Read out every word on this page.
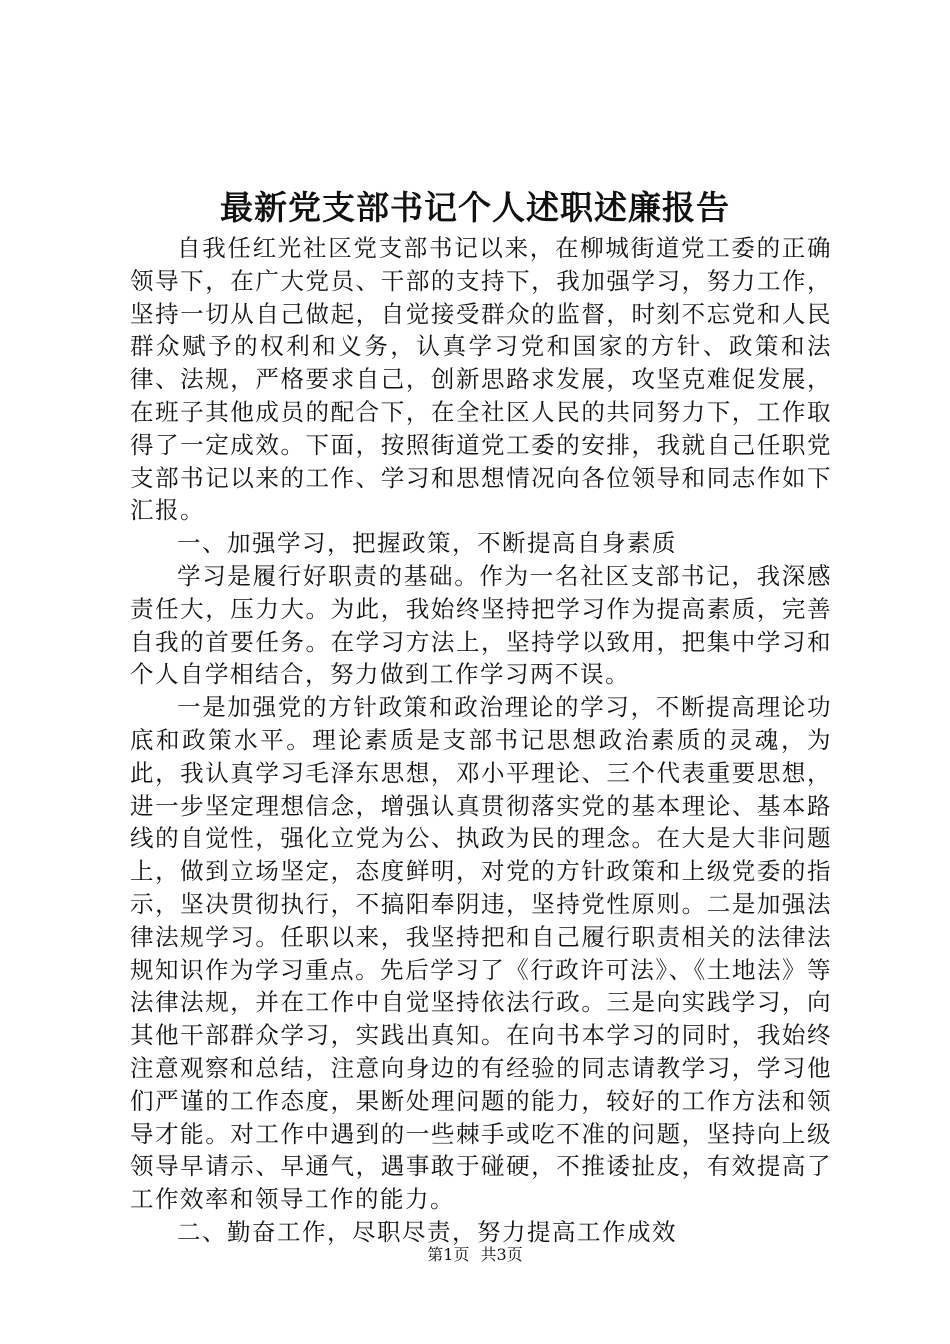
最新党支部书记个人述职述廉报告

自我任红光社区党支部书记以来，在柳城街道党工委的正确领导下，在广大党员、干部的支持下，我加强学习，努力工作，坚持一切从自己做起，自觉接受群众的监督，时刻不忘党和人民群众赋予的权利和义务，认真学习党和国家的方针、政策和法律、法规，严格要求自己，创新思路求发展，攻坚克难促发展，在班子其他成员的配合下，在全社区人民的共同努力下，工作取得了一定成效。下面，按照街道党工委的安排，我就自己任职党支部书记以来的工作、学习和思想情况向各位领导和同志作如下汇报。

一、加强学习，把握政策，不断提高自身素质

学习是履行好职责的基础。作为一名社区支部书记，我深感责任大，压力大。为此，我始终坚持把学习作为提高素质，完善自我的首要任务。在学习方法上，坚持学以致用，把集中学习和个人自学相结合，努力做到工作学习两不误。

一是加强党的方针政策和政治理论的学习，不断提高理论功底和政策水平。理论素质是支部书记思想政治素质的灵魂，为此，我认真学习毛泽东思想，邓小平理论、三个代表重要思想，进一步坚定理想信念，增强认真贯彻落实党的基本理论、基本路线的自觉性，强化立党为公、执政为民的理念。在大是大非问题上，做到立场坚定，态度鲜明，对党的方针政策和上级党委的指示，坚决贯彻执行，不搞阳奉阴违，坚持党性原则。二是加强法律法规学习。任职以来，我坚持把和自己履行职责相关的法律法规知识作为学习重点。先后学习了《行政许可法》、《土地法》等法律法规，并在工作中自觉坚持依法行政。三是向实践学习，向其他干部群众学习，实践出真知。在向书本学习的同时，我始终注意观察和总结，注意向身边的有经验的同志请教学习，学习他们严谨的工作态度，果断处理问题的能力，较好的工作方法和领导才能。对工作中遇到的一些棘手或吃不准的问题，坚持向上级领导早请示、早通气，遇事敢于碰硬，不推诿扯皮，有效提高了工作效率和领导工作的能力。

二、勤奋工作，尽职尽责，努力提高工作成效

第1页 共3页
